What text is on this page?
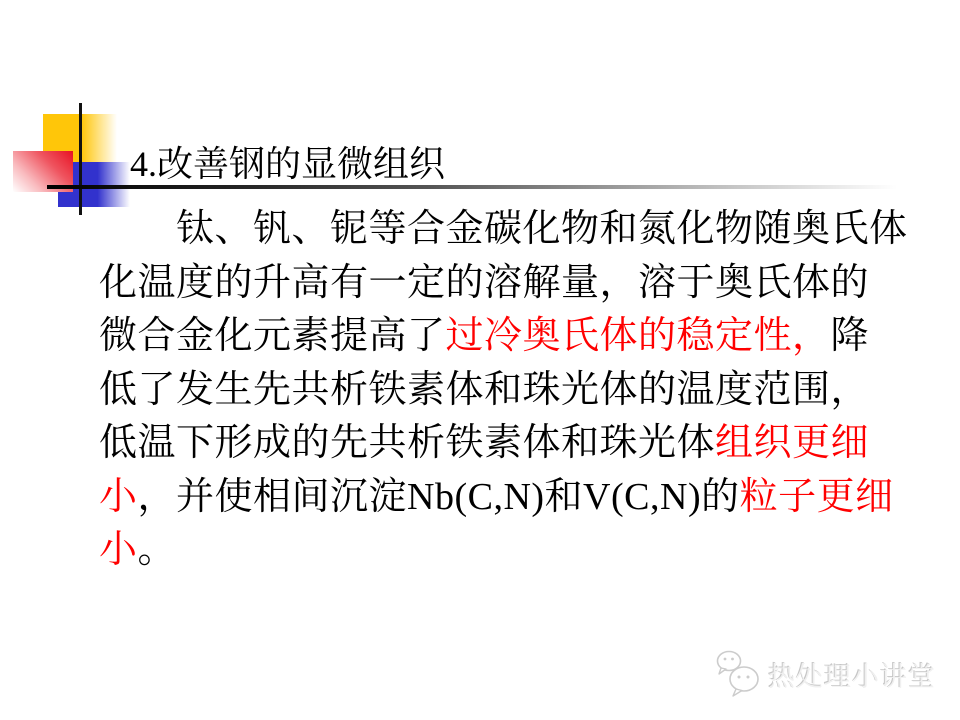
4.改善钢的显微组织
钛、钒、铌等合金碳化物和氮化物随奥氏体
化温度的升高有一定的溶解量，溶于奥氏体的
微合金化元素提高了过冷奥氏体的稳定性，降
低了发生先共析铁素体和珠光体的温度范围，
低温下形成的先共析铁素体和珠光体组织更细
小，并使相间沉淀Nb(C,N)和V(C,N)的粒子更细
小。
热处理小讲堂
